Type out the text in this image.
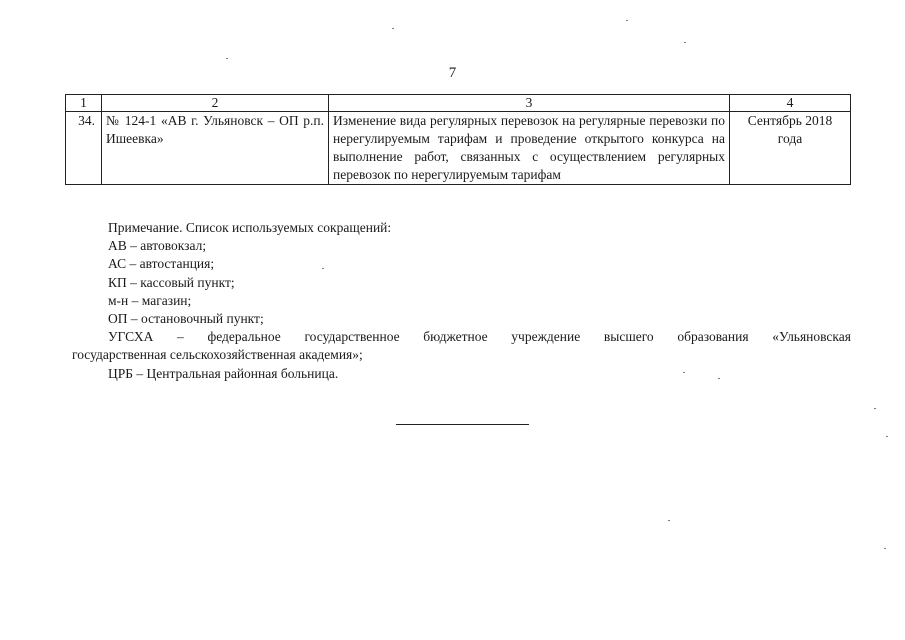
7
1	2	3	4
34.	№ 124-1 «АВ г. Ульяновск – ОП р.п. Ишеевка»	Изменение вида регулярных перевозок на регулярные перевозки по нерегулируемым тарифам и проведение открытого конкурса на выполнение работ, связанных с осуществлением регулярных перевозок по нерегулируемым тарифам	Сентябрь 2018 года
Примечание. Список используемых сокращений:
АВ – автовокзал;
АС – автостанция;
КП – кассовый пункт;
м-н – магазин;
ОП – остановочный пункт;
УГСХА – федеральное государственное бюджетное учреждение высшего образования «Ульяновская
государственная сельскохозяйственная академия»;
ЦРБ – Центральная районная больница.
